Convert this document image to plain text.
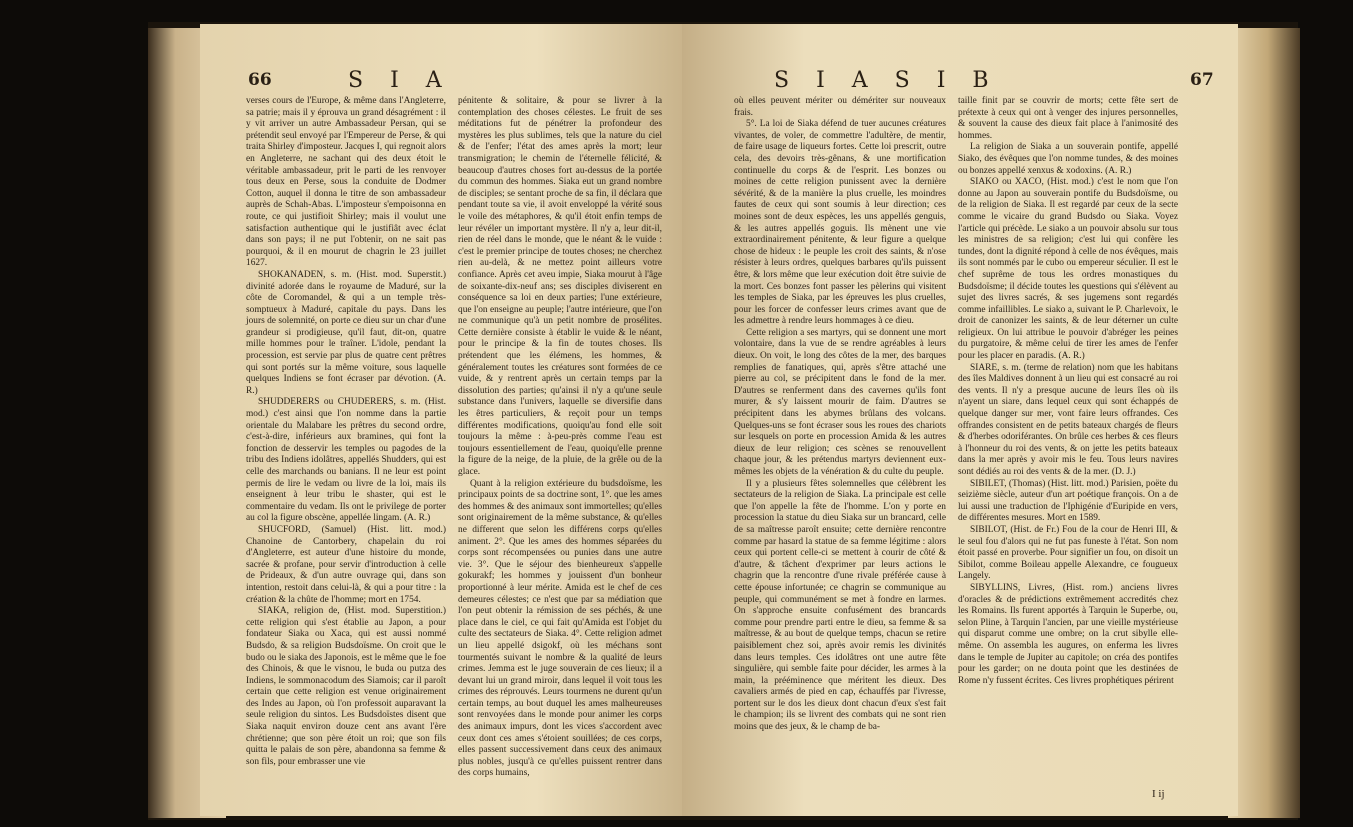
66	S I A

verses cours de l'Europe, & même dans l'Angleterre, sa patrie; mais il y éprouva un grand désagrément : il y vit arriver un autre Ambassadeur Persan, qui se prétendit seul envoyé par l'Empereur de Perse, & qui traita Shirley d'imposteur. Jacques I, qui regnoit alors en Angleterre, ne sachant qui des deux étoit le véritable ambassadeur, prit le parti de les renvoyer tous deux en Perse, sous la conduite de Dodmer Cotton, auquel il donna le titre de son ambassadeur auprès de Schah-Abas. L'imposteur s'empoisonna en route, ce qui justifioit Shirley; mais il voulut une satisfaction authentique qui le justifiât avec éclat dans son pays; il ne put l'obtenir, on ne sait pas pourquoi, & il en mourut de chagrin le 23 juillet 1627.

SHOKANADEN, s. m. (Hist. mod. Superstit.) divinité adorée dans le royaume de Maduré, sur la côte de Coromandel, & qui a un temple très-somptueux à Maduré, capitale du pays. Dans les jours de solemnité, on porte ce dieu sur un char d'une grandeur si prodigieuse, qu'il faut, dit-on, quatre mille hommes pour le traîner. L'idole, pendant la procession, est servie par plus de quatre cent prêtres qui sont portés sur la même voiture, sous laquelle quelques Indiens se font écraser par dévotion. (A. R.)

SHUDDERERS ou CHUDERERS, s. m. (Hist. mod.) c'est ainsi que l'on nomme dans la partie orientale du Malabare les prêtres du second ordre, c'est-à-dire, inférieurs aux bramines, qui font la fonction de desservir les temples ou pagodes de la tribu des Indiens idolâtres, appellés Shudders, qui est celle des marchands ou banians. Il ne leur est point permis de lire le vedam ou livre de la loi, mais ils enseignent à leur tribu le shaster, qui est le commentaire du vedam. Ils ont le privilege de porter au col la figure obscène, appellée lingam. (A. R.)

SHUCFORD, (Samuel) (Hist. litt. mod.) Chanoine de Cantorbery, chapelain du roi d'Angleterre, est auteur d'une histoire du monde, sacrée & profane, pour servir d'introduction à celle de Prideaux, & d'un autre ouvrage qui, dans son intention, restoit dans celui-là, & qui a pour titre : la création & la chûte de l'homme; mort en 1754.

SIAKA, religion de, (Hist. mod. Superstition.) cette religion qui s'est établie au Japon, a pour fondateur Siaka ou Xaca, qui est aussi nommé Budsdo, & sa religion Budsdoïsme. On croit que le budo ou le siaka des Japonois, est le même que le foe des Chinois, & que le visnou, le buda ou putza des Indiens, le sommonacodum des Siamois; car il paroît certain que cette religion est venue originairement des Indes au Japon, où l'on professoit auparavant la seule religion du sintos. Les Budsdoïstes disent que Siaka naquit environ douze cent ans avant l'ère chrétienne; que son père étoit un roi; que son fils quitta le palais de son père, abandonna sa femme & son fils, pour embrasser une vie

pénitente & solitaire, & pour se livrer à la contemplation des choses célestes. Le fruit de ses méditations fut de pénétrer la profondeur des mystères les plus sublimes, tels que la nature du ciel & de l'enfer; l'état des ames après la mort; leur transmigration; le chemin de l'éternelle félicité, & beaucoup d'autres choses fort au-dessus de la portée du commun des hommes. Siaka eut un grand nombre de disciples; se sentant proche de sa fin, il déclara que pendant toute sa vie, il avoit enveloppé la vérité sous le voile des métaphores, & qu'il étoit enfin temps de leur révéler un important mystère. Il n'y a, leur dit-il, rien de réel dans le monde, que le néant & le vuide : c'est le premier principe de toutes choses; ne cherchez rien au-delà, & ne mettez point ailleurs votre confiance. Après cet aveu impie, Siaka mourut à l'âge de soixante-dix-neuf ans; ses disciples diviserent en conséquence sa loi en deux parties; l'une extérieure, que l'on enseigne au peuple; l'autre intérieure, que l'on ne communique qu'à un petit nombre de prosélites. Cette dernière consiste à établir le vuide & le néant, pour le principe & la fin de toutes choses. Ils prétendent que les élémens, les hommes, & généralement toutes les créatures sont formées de ce vuide, & y rentrent après un certain temps par la dissolution des parties; qu'ainsi il n'y a qu'une seule substance dans l'univers, laquelle se diversifie dans les êtres particuliers, & reçoit pour un temps différentes modifications, quoiqu'au fond elle soit toujours la même : à-peu-près comme l'eau est toujours essentiellement de l'eau, quoiqu'elle prenne la figure de la neige, de la pluie, de la grêle ou de la glace.

Quant à la religion extérieure du budsdoïsme, les principaux points de sa doctrine sont, 1°. que les ames des hommes & des animaux sont immortelles; qu'elles sont originairement de la même substance, & qu'elles ne different que selon les différens corps qu'elles animent. 2°. Que les ames des hommes séparées du corps sont récompensées ou punies dans une autre vie. 3°. Que le séjour des bienheureux s'appelle gokurakf; les hommes y jouissent d'un bonheur proportionné à leur mérite. Amida est le chef de ces demeures célestes; ce n'est que par sa médiation que l'on peut obtenir la rémission de ses péchés, & une place dans le ciel, ce qui fait qu'Amida est l'objet du culte des sectateurs de Siaka. 4°. Cette religion admet un lieu appellé dsigokf, où les méchans sont tourmentés suivant le nombre & la qualité de leurs crimes. Jemma est le juge souverain de ces lieux; il a devant lui un grand miroir, dans lequel il voit tous les crimes des réprouvés. Leurs tourmens ne durent qu'un certain temps, au bout duquel les ames malheureuses sont renvoyées dans le monde pour animer les corps des animaux impurs, dont les vices s'accordent avec ceux dont ces ames s'étoient souillées; de ces corps, elles passent successivement dans ceux des animaux plus nobles, jusqu'à ce qu'elles puissent rentrer dans des corps humains,

S I A S I B	67

où elles peuvent mériter ou démériter sur nouveaux frais.

5°. La loi de Siaka défend de tuer aucunes créatures vivantes, de voler, de commettre l'adultère, de mentir, de faire usage de liqueurs fortes. Cette loi prescrit, outre cela, des devoirs très-gênans, & une mortification continuelle du corps & de l'esprit. Les bonzes ou moines de cette religion punissent avec la dernière sévérité, & de la manière la plus cruelle, les moindres fautes de ceux qui sont soumis à leur direction; ces moines sont de deux espèces, les uns appellés genguis, & les autres appellés goguis. Ils mènent une vie extraordinairement pénitente, & leur figure a quelque chose de hideux : le peuple les croit des saints, & n'ose résister à leurs ordres, quelques barbares qu'ils puissent être, & lors même que leur exécution doit être suivie de la mort. Ces bonzes font passer les pèlerins qui visitent les temples de Siaka, par les épreuves les plus cruelles, pour les forcer de confesser leurs crimes avant que de les admettre à rendre leurs hommages à ce dieu.

Cette religion a ses martyrs, qui se donnent une mort volontaire, dans la vue de se rendre agréables à leurs dieux. On voit, le long des côtes de la mer, des barques remplies de fanatiques, qui, après s'être attaché une pierre au col, se précipitent dans le fond de la mer. D'autres se renferment dans des cavernes qu'ils font murer, & s'y laissent mourir de faim. D'autres se précipitent dans les abymes brûlans des volcans. Quelques-uns se font écraser sous les roues des chariots sur lesquels on porte en procession Amida & les autres dieux de leur religion; ces scènes se renouvellent chaque jour, & les prétendus martyrs deviennent eux-mêmes les objets de la vénération & du culte du peuple.

Il y a plusieurs fêtes solemnelles que célèbrent les sectateurs de la religion de Siaka. La principale est celle que l'on appelle la fête de l'homme. L'on y porte en procession la statue du dieu Siaka sur un brancard, celle de sa maîtresse paroît ensuite; cette dernière rencontre comme par hasard la statue de sa femme légitime : alors ceux qui portent celle-ci se mettent à courir de côté & d'autre, & tâchent d'exprimer par leurs actions le chagrin que la rencontre d'une rivale préférée cause à cette épouse infortunée; ce chagrin se communique au peuple, qui communément se met à fondre en larmes. On s'approche ensuite confusément des brancards comme pour prendre parti entre le dieu, sa femme & sa maîtresse, & au bout de quelque temps, chacun se retire paisiblement chez soi, après avoir remis les divinités dans leurs temples. Ces idolâtres ont une autre fête singulière, qui semble faite pour décider, les armes à la main, la prééminence que méritent les dieux. Des cavaliers armés de pied en cap, échauffés par l'ivresse, portent sur le dos les dieux dont chacun d'eux s'est fait le champion; ils se livrent des combats qui ne sont rien moins que des jeux, & le champ de ba-

taille finit par se couvrir de morts; cette fête sert de prétexte à ceux qui ont à venger des injures personnelles, & souvent la cause des dieux fait place à l'animosité des hommes.

La religion de Siaka a un souverain pontife, appellé Siako, des évêques que l'on nomme tundes, & des moines ou bonzes appellé xenxus & xodoxins. (A. R.)

SIAKO ou XACO, (Hist. mod.) c'est le nom que l'on donne au Japon au souverain pontife du Budsdoïsme, ou de la religion de Siaka. Il est regardé par ceux de la secte comme le vicaire du grand Budsdo ou Siaka. Voyez l'article qui précède. Le siako a un pouvoir absolu sur tous les ministres de sa religion; c'est lui qui confère les tundes, dont la dignité répond à celle de nos évêques, mais ils sont nommés par le cubo ou empereur séculier. Il est le chef suprême de tous les ordres monastiques du Budsdoïsme; il décide toutes les questions qui s'élèvent au sujet des livres sacrés, & ses jugemens sont regardés comme infaillibles. Le siako a, suivant le P. Charlevoix, le droit de canonizer les saints, & de leur déterner un culte religieux. On lui attribue le pouvoir d'abréger les peines du purgatoire, & même celui de tirer les ames de l'enfer pour les placer en paradis. (A. R.)

SIARE, s. m. (terme de relation) nom que les habitans des îles Maldives donnent à un lieu qui est consacré au roi des vents. Il n'y a presque aucune de leurs îles où ils n'ayent un siare, dans lequel ceux qui sont échappés de quelque danger sur mer, vont faire leurs offrandes. Ces offrandes consistent en de petits bateaux chargés de fleurs & d'herbes odoriférantes. On brûle ces herbes & ces fleurs à l'honneur du roi des vents, & on jette les petits bateaux dans la mer après y avoir mis le feu. Tous leurs navires sont dédiés au roi des vents & de la mer. (D. J.)

SIBILET, (Thomas) (Hist. litt. mod.) Parisien, poëte du seizième siècle, auteur d'un art poétique françois. On a de lui aussi une traduction de l'Iphigénie d'Euripide en vers, de différentes mesures. Mort en 1589.

SIBILOT, (Hist. de Fr.) Fou de la cour de Henri III, & le seul fou d'alors qui ne fut pas funeste à l'état. Son nom étoit passé en proverbe. Pour signifier un fou, on disoit un Sibilot, comme Boileau appelle Alexandre, ce fougueux Langely.

SIBYLLINS, Livres, (Hist. rom.) anciens livres d'oracles & de prédictions extrêmement accredités chez les Romains. Ils furent apportés à Tarquin le Superbe, ou, selon Pline, à Tarquin l'ancien, par une vieille mystérieuse qui disparut comme une ombre; on la crut sibylle elle-même. On assembla les augures, on enferma les livres dans le temple de Jupiter au capitole; on créa des pontifes pour les garder; on ne douta point que les destinées de Rome n'y fussent écrites. Ces livres prophétiques périrent

I ij
